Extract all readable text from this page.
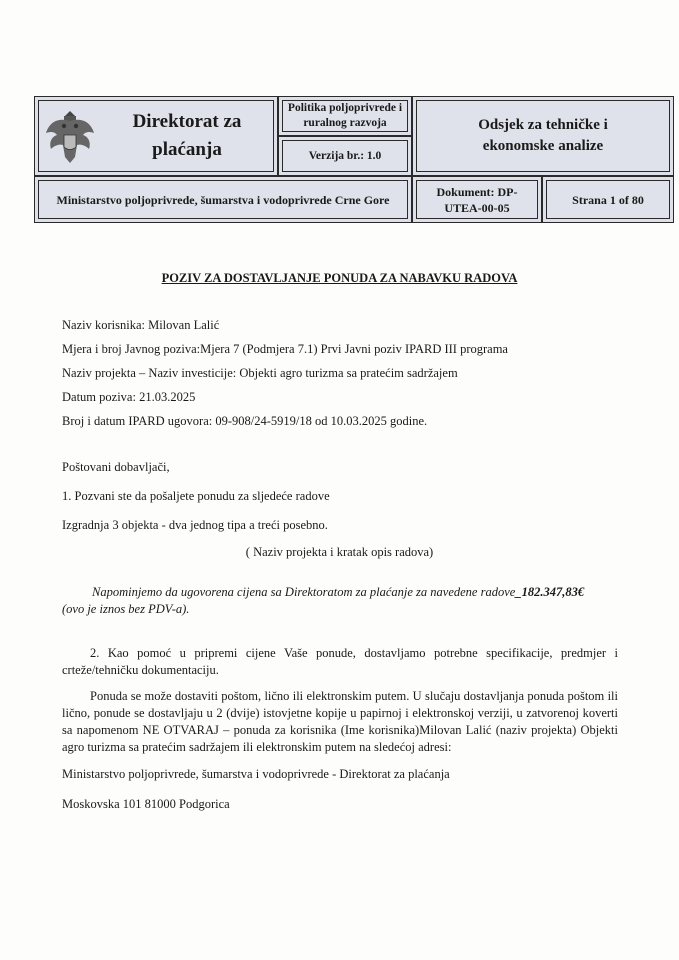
Direktorat za plaćanja
Politika poljoprivrede i ruralnog razvoja
Verzija br.: 1.0
Odsjek za tehničke i ekonomske analize
Ministarstvo poljoprivrede, šumarstva i vodoprivrede Crne Gore
Dokument: DP-UTEA-00-05
Strana 1 of 80
POZIV ZA DOSTAVLJANJE PONUDA ZA NABAVKU RADOVA
Naziv korisnika: Milovan Lalić
Mjera i broj Javnog poziva:Mjera 7 (Podmjera 7.1) Prvi Javni poziv IPARD III programa
Naziv projekta – Naziv investicije: Objekti agro turizma sa pratećim sadržajem
Datum poziva: 21.03.2025
Broj i datum IPARD ugovora: 09-908/24-5919/18 od 10.03.2025 godine.
Poštovani dobavljači,
1. Pozvani ste da pošaljete ponudu za sljedeće radove
Izgradnja 3 objekta - dva jednog tipa a treći posebno.
( Naziv projekta i kratak opis radova)
Napominjemo da ugovorena cijena sa Direktoratom za plaćanje za navedene radove_182.347,83€
(ovo je iznos bez PDV-a).
2. Kao pomoć u pripremi cijene Vaše ponude, dostavljamo potrebne specifikacije, predmjer i crteže/tehničku dokumentaciju.
Ponuda se može dostaviti poštom, lično ili elektronskim putem. U slučaju dostavljanja ponuda poštom ili lično, ponude se dostavljaju u 2 (dvije) istovjetne kopije u papirnoj i elektronskoj verziji, u zatvorenoj koverti sa napomenom NE OTVARAJ – ponuda za korisnika (Ime korisnika)Milovan Lalić (naziv projekta) Objekti agro turizma sa pratećim sadržajem ili elektronskim putem na sledećoj adresi:
Ministarstvo poljoprivrede, šumarstva i vodoprivrede - Direktorat za plaćanja
Moskovska 101 81000 Podgorica
